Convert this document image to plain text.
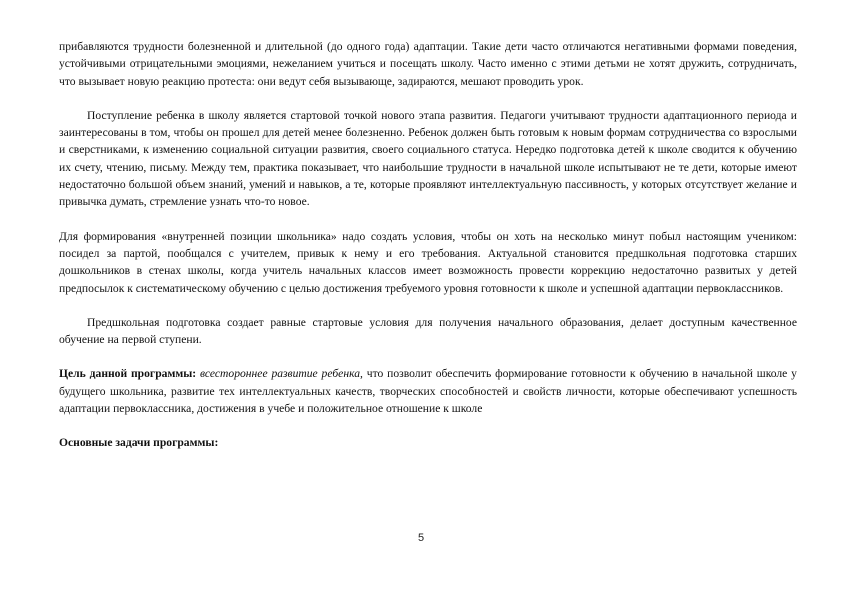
прибавляются трудности болезненной и длительной (до одного года) адаптации. Такие дети часто отличаются негативными формами поведения, устойчивыми отрицательными эмоциями, нежеланием учиться и посещать школу. Часто именно с этими детьми не хотят дружить, сотрудничать, что вызывает новую реакцию протеста: они ведут себя вызывающе, задираются, мешают проводить урок.

Поступление ребенка в школу является стартовой точкой нового этапа развития. Педагоги учитывают трудности адаптационного периода и заинтересованы в том, чтобы он прошел для детей менее болезненно. Ребенок должен быть готовым к новым формам сотрудничества со взрослыми и сверстниками, к изменению социальной ситуации развития, своего социального статуса. Нередко подготовка детей к школе сводится к обучению их счету, чтению, письму. Между тем, практика показывает, что наибольшие трудности в начальной школе испытывают не те дети, которые имеют недостаточно большой объем знаний, умений и навыков, а те, которые проявляют интеллектуальную пассивность, у которых отсутствует желание и привычка думать, стремление узнать что-то новое.

Для формирования «внутренней позиции школьника» надо создать условия, чтобы он хоть на несколько минут побыл настоящим учеником: посидел за партой, пообщался с учителем, привык к нему и его требования. Актуальной становится предшкольная подготовка старших дошкольников в стенах школы, когда учитель начальных классов имеет возможность провести коррекцию недостаточно развитых у детей предпосылок к систематическому обучению с целью достижения требуемого уровня готовности к школе и успешной адаптации первоклассников.

Предшкольная подготовка создает равные стартовые условия для получения начального образования, делает доступным качественное обучение на первой ступени.

Цель данной программы: всестороннее развитие ребенка, что позволит обеспечить формирование готовности к обучению в начальной школе у будущего школьника, развитие тех интеллектуальных качеств, творческих способностей и свойств личности, которые обеспечивают успешность адаптации первоклассника, достижения в учебе и положительное отношение к школе

Основные задачи программы:

5
